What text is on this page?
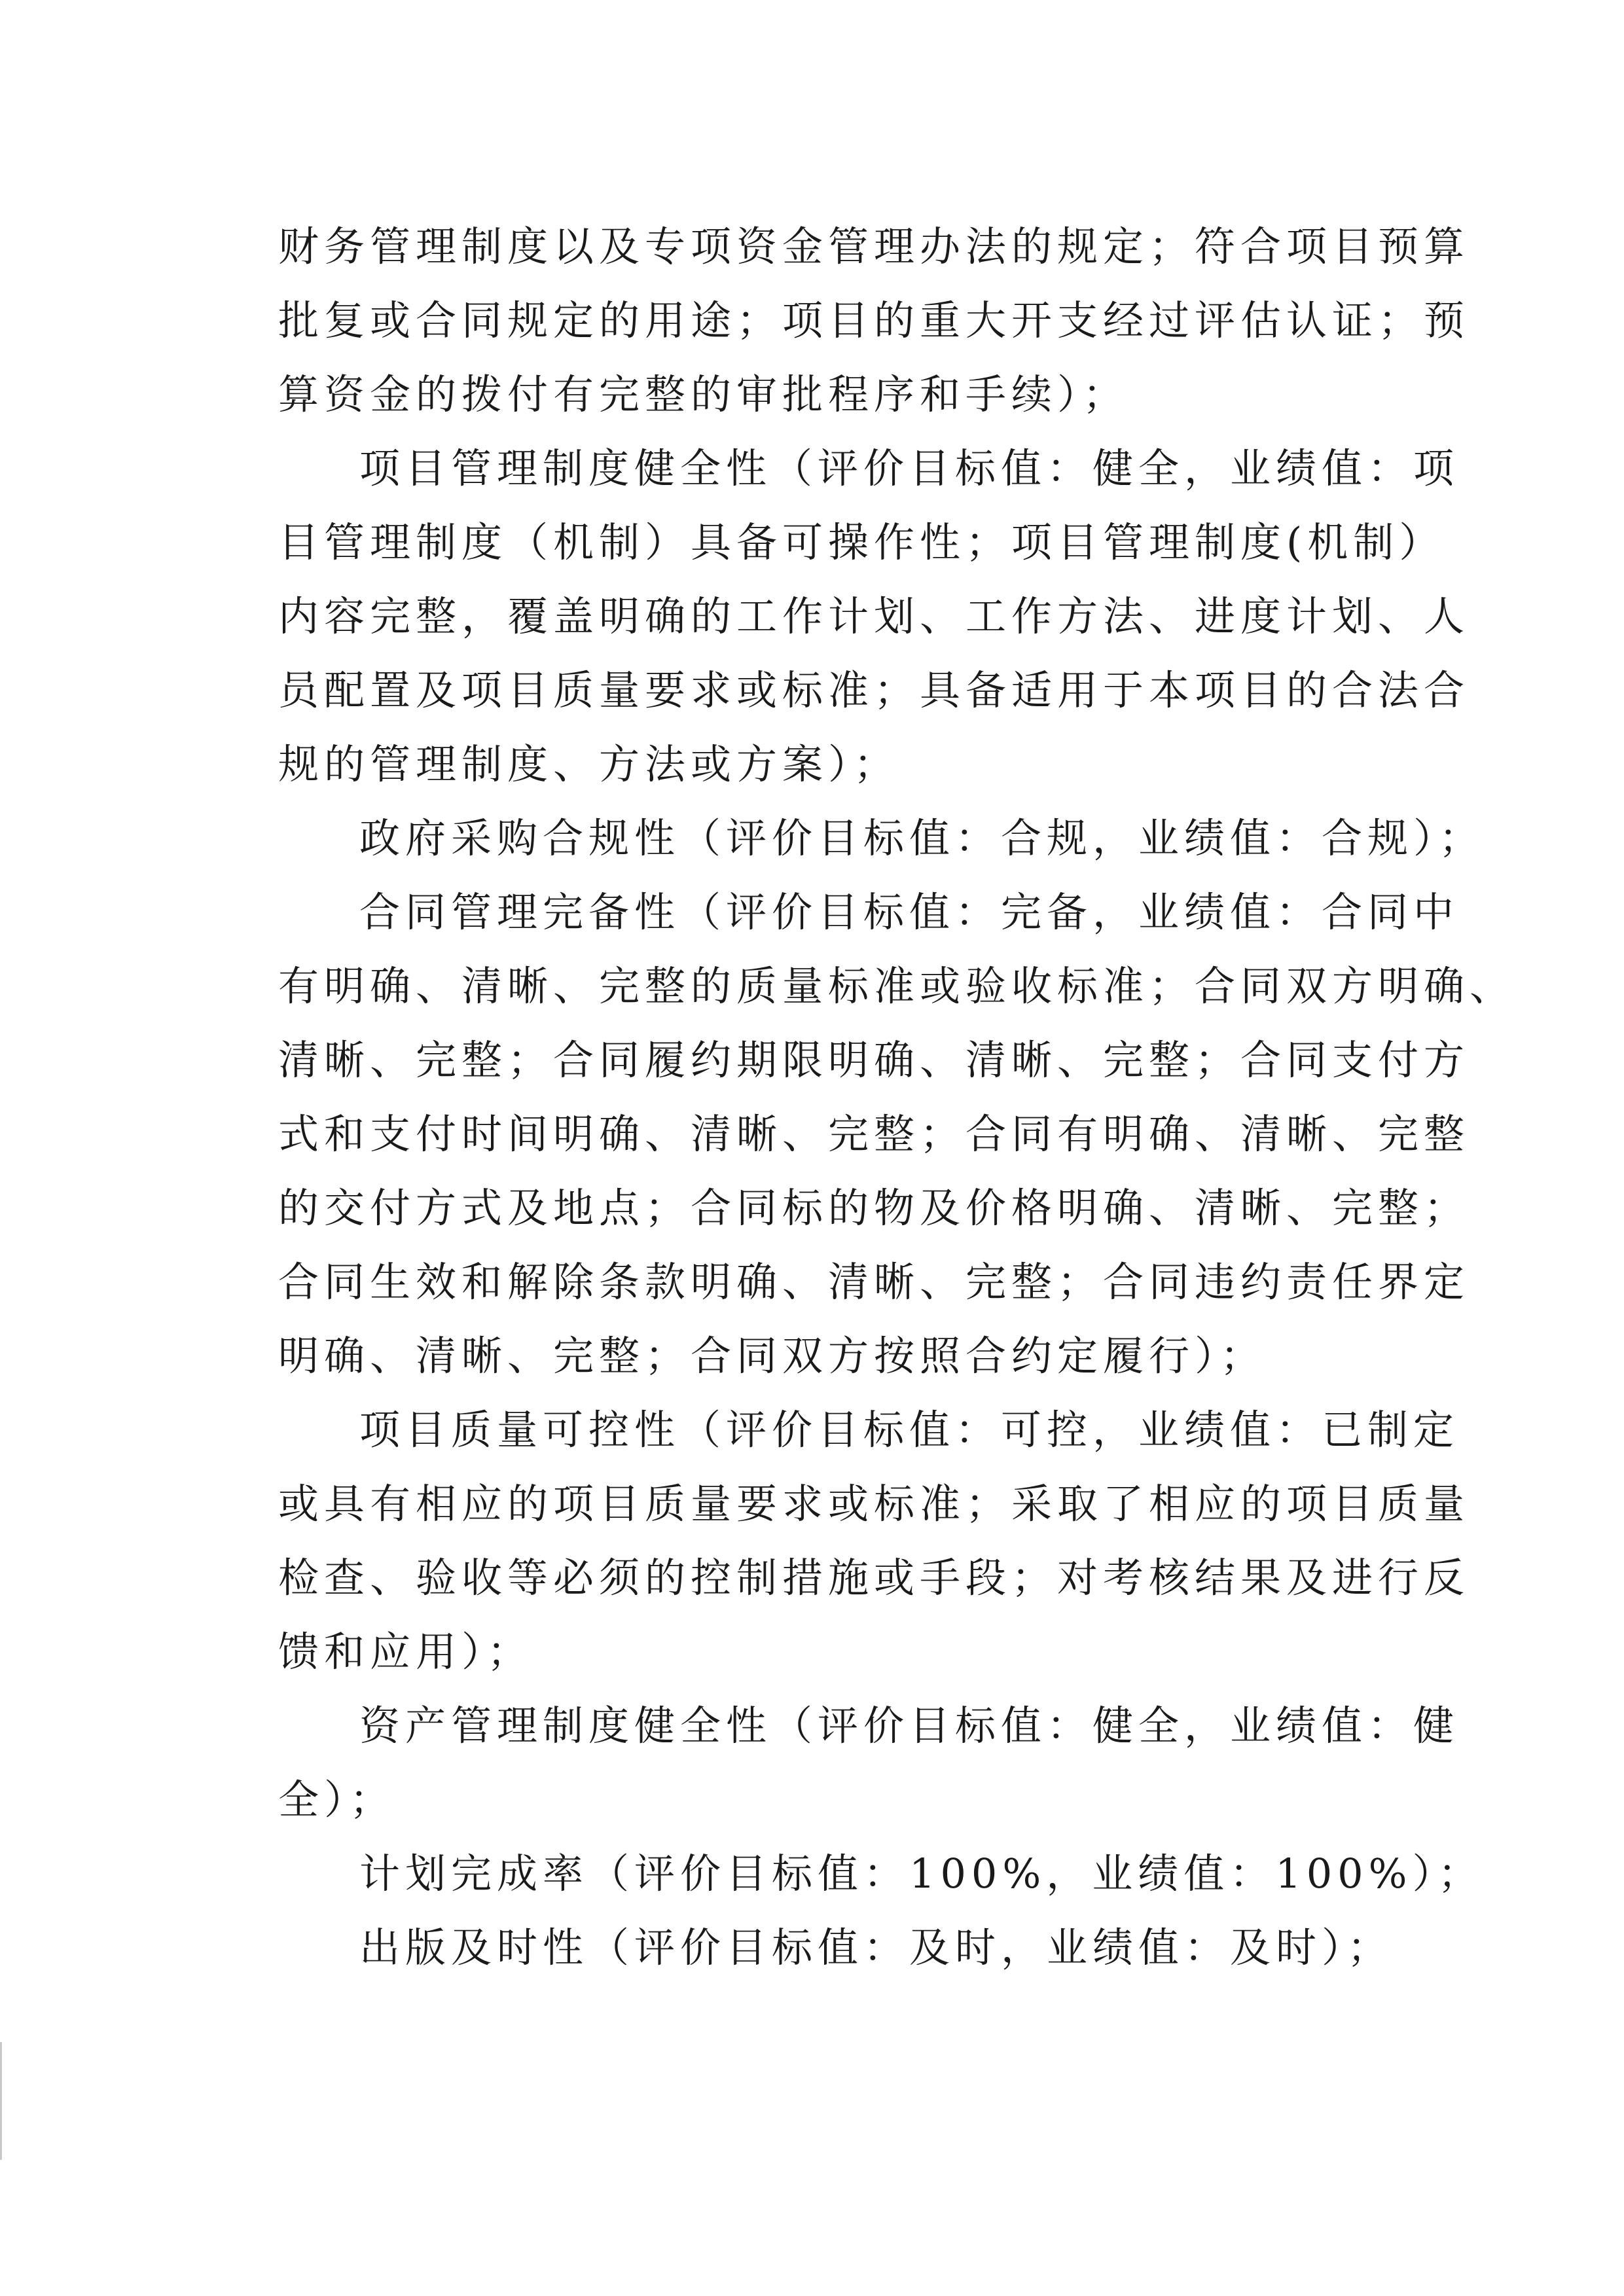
财务管理制度以及专项资金管理办法的规定；符合项目预算
批复或合同规定的用途；项目的重大开支经过评估认证；预
算资金的拨付有完整的审批程序和手续）；
项目管理制度健全性（评价目标值：健全，业绩值：项
目管理制度（机制）具备可操作性；项目管理制度(机制）
内容完整，覆盖明确的工作计划、工作方法、进度计划、人
员配置及项目质量要求或标准；具备适用于本项目的合法合
规的管理制度、方法或方案）；
政府采购合规性（评价目标值：合规，业绩值：合规）；
合同管理完备性（评价目标值：完备，业绩值：合同中
有明确、清晰、完整的质量标准或验收标准；合同双方明确、
清晰、完整；合同履约期限明确、清晰、完整；合同支付方
式和支付时间明确、清晰、完整；合同有明确、清晰、完整
的交付方式及地点；合同标的物及价格明确、清晰、完整；
合同生效和解除条款明确、清晰、完整；合同违约责任界定
明确、清晰、完整；合同双方按照合约定履行）；
项目质量可控性（评价目标值：可控，业绩值：已制定
或具有相应的项目质量要求或标准；采取了相应的项目质量
检查、验收等必须的控制措施或手段；对考核结果及进行反
馈和应用）；
资产管理制度健全性（评价目标值：健全，业绩值：健
全）；
计划完成率（评价目标值：100%，业绩值：100%）；
出版及时性（评价目标值：及时，业绩值：及时）；
